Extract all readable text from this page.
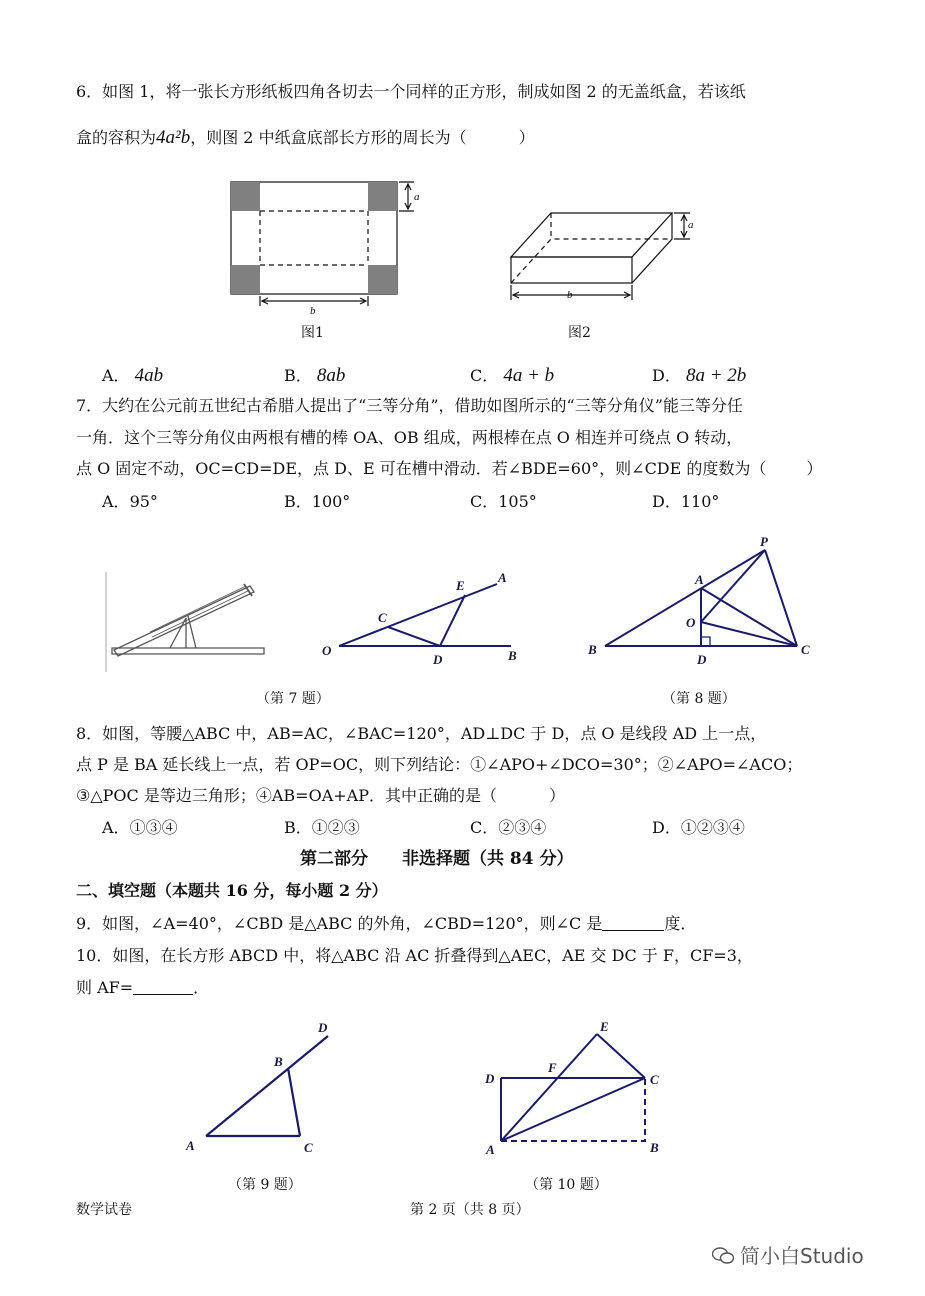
6．如图 1，将一张长方形纸板四角各切去一个同样的正方形，制成如图 2 的无盖纸盒，若该纸
盒的容积为4a²b，则图 2 中纸盒底部长方形的周长为（	）
a
b
a
b
O
C
D
E
A
B
P
A
O
B
D
C
A
B
C
D
D
F
E
C
A	B
图1	图2
A． 4ab	B． 8ab	C． 4a + b	D． 8a + 2b
7．大约在公元前五世纪古希腊人提出了“三等分角”，借助如图所示的“三等分角仪”能三等分任
一角．这个三等分角仪由两根有槽的棒 OA、OB 组成，两根棒在点 O 相连并可绕点 O 转动，
点 O 固定不动，OC=CD=DE，点 D、E 可在槽中滑动．若∠BDE=60°，则∠CDE 的度数为（	）
A．95°	B．100°	C．105°	D．110°
（第 7 题）	（第 8 题）
8．如图，等腰△ABC 中，AB=AC，∠BAC=120°，AD⊥DC 于 D，点 O 是线段 AD 上一点，
点 P 是 BA 延长线上一点，若 OP=OC，则下列结论：①∠APO+∠DCO=30°；②∠APO=∠ACO；
③△POC 是等边三角形；④AB=OA+AP．其中正确的是（	）
A．①③④	B．①②③	C．②③④	D．①②③④
第二部分　　非选择题（共 84 分）
二、填空题（本题共 16 分，每小题 2 分）
9．如图，∠A=40°，∠CBD 是△ABC 的外角，∠CBD=120°，则∠C 是	度．
10．如图，在长方形 ABCD 中，将△ABC 沿 AC 折叠得到△AEC，AE 交 DC 于 F，CF=3，
则 AF=	．
（第 9 题）	（第 10 题）
数学试卷	第 2 页（共 8 页）
简小白Studio
